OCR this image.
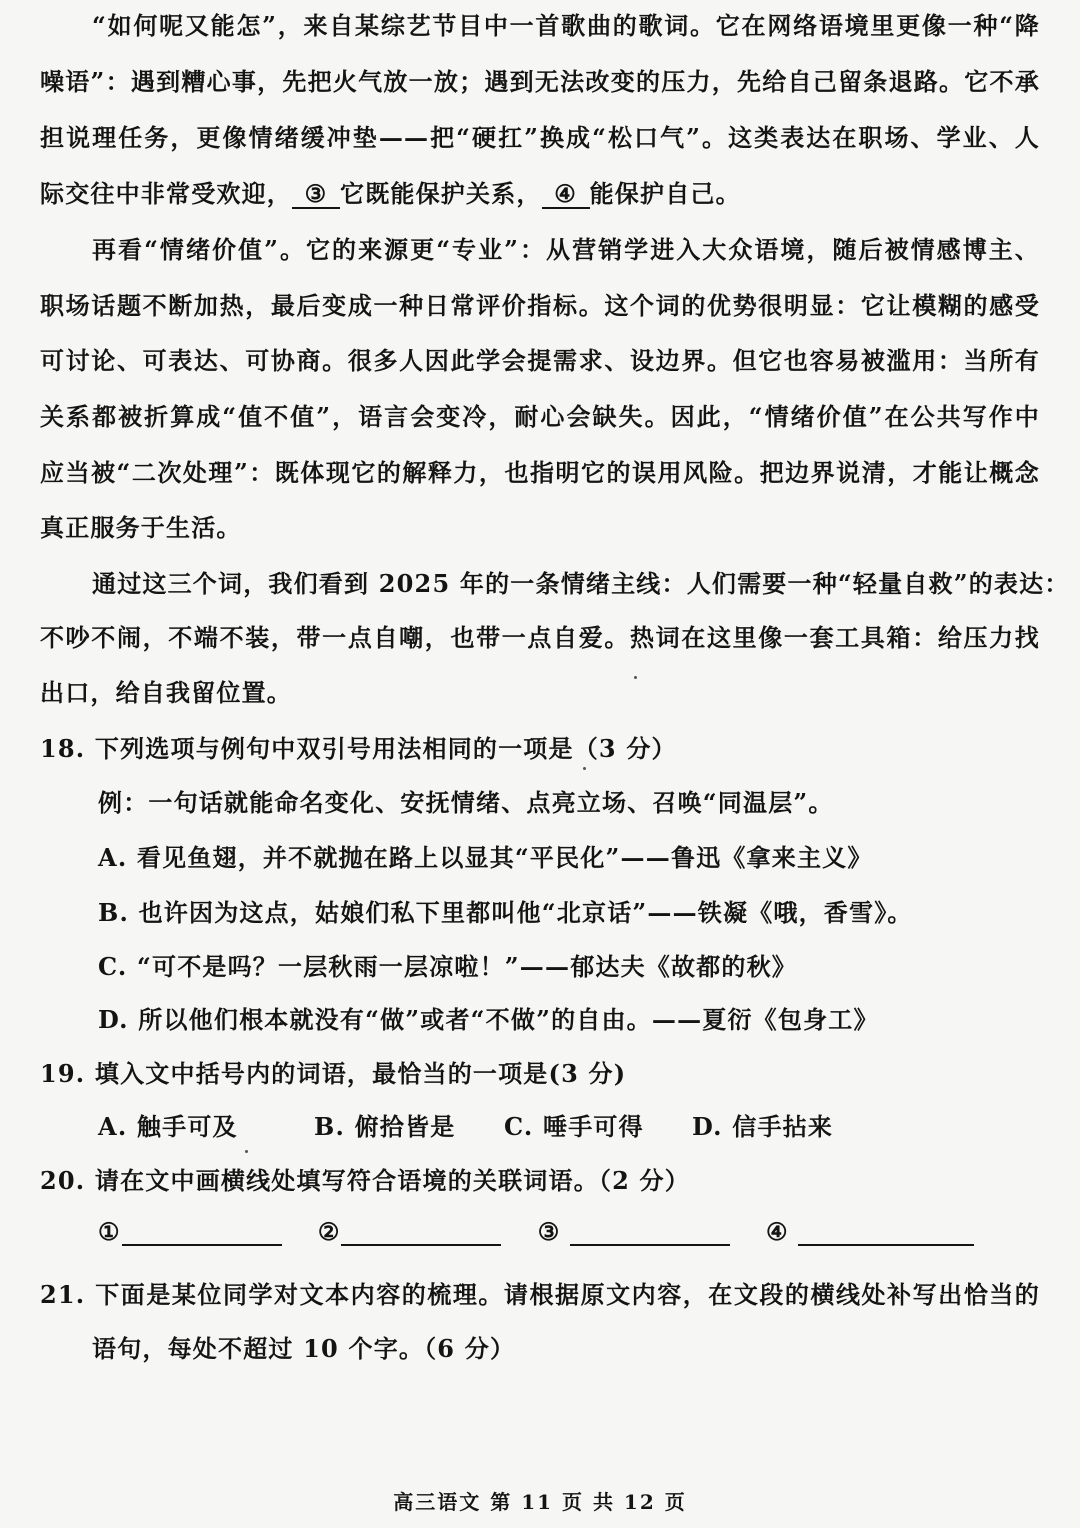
“如何呢又能怎”，来自某综艺节目中一首歌曲的歌词。它在网络语境里更像一种“降
噪语”：遇到糟心事，先把火气放一放；遇到无法改变的压力，先给自己留条退路。它不承
担说理任务，更像情绪缓冲垫——把“硬扛”换成“松口气”。这类表达在职场、学业、人
际交往中非常受欢迎， ③ 它既能保护关系， ④ 能保护自己。
再看“情绪价值”。它的来源更“专业”：从营销学进入大众语境，随后被情感博主、
职场话题不断加热，最后变成一种日常评价指标。这个词的优势很明显：它让模糊的感受
可讨论、可表达、可协商。很多人因此学会提需求、设边界。但它也容易被滥用：当所有
关系都被折算成“值不值”，语言会变冷，耐心会缺失。因此，“情绪价值”在公共写作中
应当被“二次处理”：既体现它的解释力，也指明它的误用风险。把边界说清，才能让概念
真正服务于生活。
通过这三个词，我们看到 2025 年的一条情绪主线：人们需要一种“轻量自救”的表达：
不吵不闹，不端不装，带一点自嘲，也带一点自爱。热词在这里像一套工具箱：给压力找
出口，给自我留位置。
18. 下列选项与例句中双引号用法相同的一项是（3 分）
例：一句话就能命名变化、安抚情绪、点亮立场、召唤“同温层”。
A. 看见鱼翅，并不就抛在路上以显其“平民化”——鲁迅《拿来主义》
B. 也许因为这点，姑娘们私下里都叫他“北京话”——铁凝《哦，香雪》。
C. “可不是吗？一层秋雨一层凉啦！”——郁达夫《故都的秋》
D. 所以他们根本就没有“做”或者“不做”的自由。——夏衍《包身工》
19. 填入文中括号内的词语，最恰当的一项是(3 分)
A. 触手可及	B. 俯拾皆是 C. 唾手可得 D. 信手拈来
20. 请在文中画横线处填写符合语境的关联词语。（2 分）
①	②	③	④
21. 下面是某位同学对文本内容的梳理。请根据原文内容，在文段的横线处补写出恰当的
语句，每处不超过 10 个字。（6 分）
高三语文 第 11 页 共 12 页
